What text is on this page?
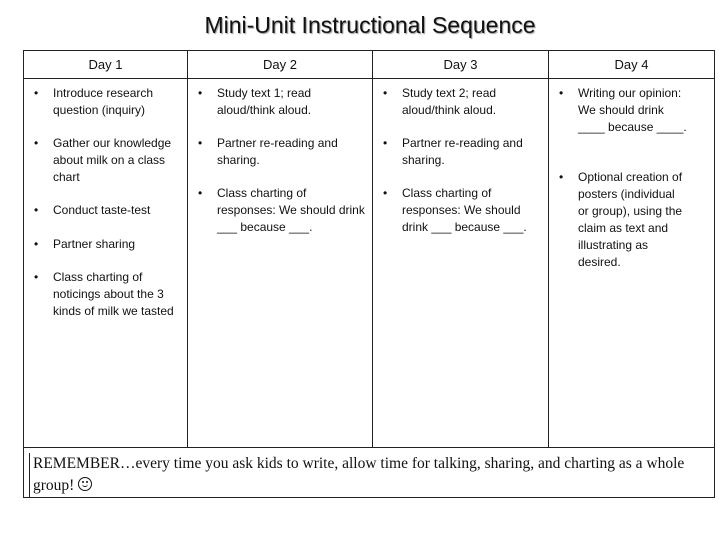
Mini-Unit Instructional Sequence
Day 1
• Introduce research question (inquiry)
• Gather our knowledge about milk on a class chart
• Conduct taste-test
• Partner sharing
• Class charting of noticings about the 3 kinds of milk we tasted
Day 2
• Study text 1; read aloud/think aloud.
• Partner re-reading and sharing.
• Class charting of responses: We should drink ___ because ___.
Day 3
• Study text 2; read aloud/think aloud.
• Partner re-reading and sharing.
• Class charting of responses: We should drink ___ because ___.
Day 4
• Writing our opinion: We should drink ____ because ____.
• Optional creation of posters (individual or group), using the claim as text and illustrating as desired.
REMEMBER…every time you ask kids to write, allow time for talking, sharing, and charting as a whole group!
